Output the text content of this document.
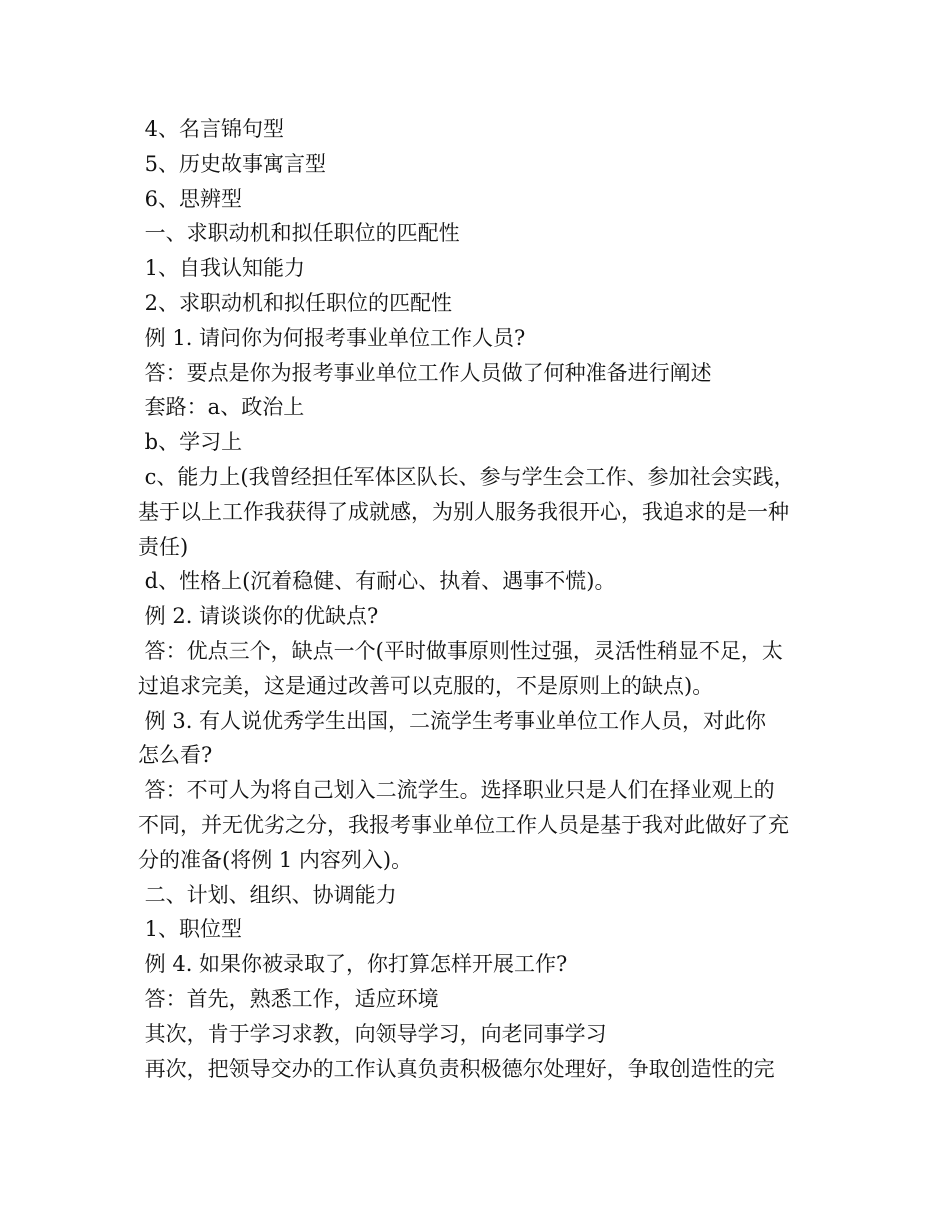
4、名言锦句型

5、历史故事寓言型

6、思辨型

一、求职动机和拟任职位的匹配性

1、自我认知能力

2、求职动机和拟任职位的匹配性

例 1. 请问你为何报考事业单位工作人员?

答：要点是你为报考事业单位工作人员做了何种准备进行阐述

套路：a、政治上

b、学习上

c、能力上(我曾经担任军体区队长、参与学生会工作、参加社会实践，

基于以上工作我获得了成就感，为别人服务我很开心，我追求的是一种

责任)

d、性格上(沉着稳健、有耐心、执着、遇事不慌)。

例 2. 请谈谈你的优缺点?

答：优点三个，缺点一个(平时做事原则性过强，灵活性稍显不足，太

过追求完美，这是通过改善可以克服的，不是原则上的缺点)。

例 3. 有人说优秀学生出国，二流学生考事业单位工作人员，对此你

怎么看?

答：不可人为将自己划入二流学生。选择职业只是人们在择业观上的

不同，并无优劣之分，我报考事业单位工作人员是基于我对此做好了充

分的准备(将例 1 内容列入)。

二、计划、组织、协调能力

1、职位型

例 4. 如果你被录取了，你打算怎样开展工作?

答：首先，熟悉工作，适应环境

其次，肯于学习求教，向领导学习，向老同事学习

再次，把领导交办的工作认真负责积极德尔处理好，争取创造性的完
